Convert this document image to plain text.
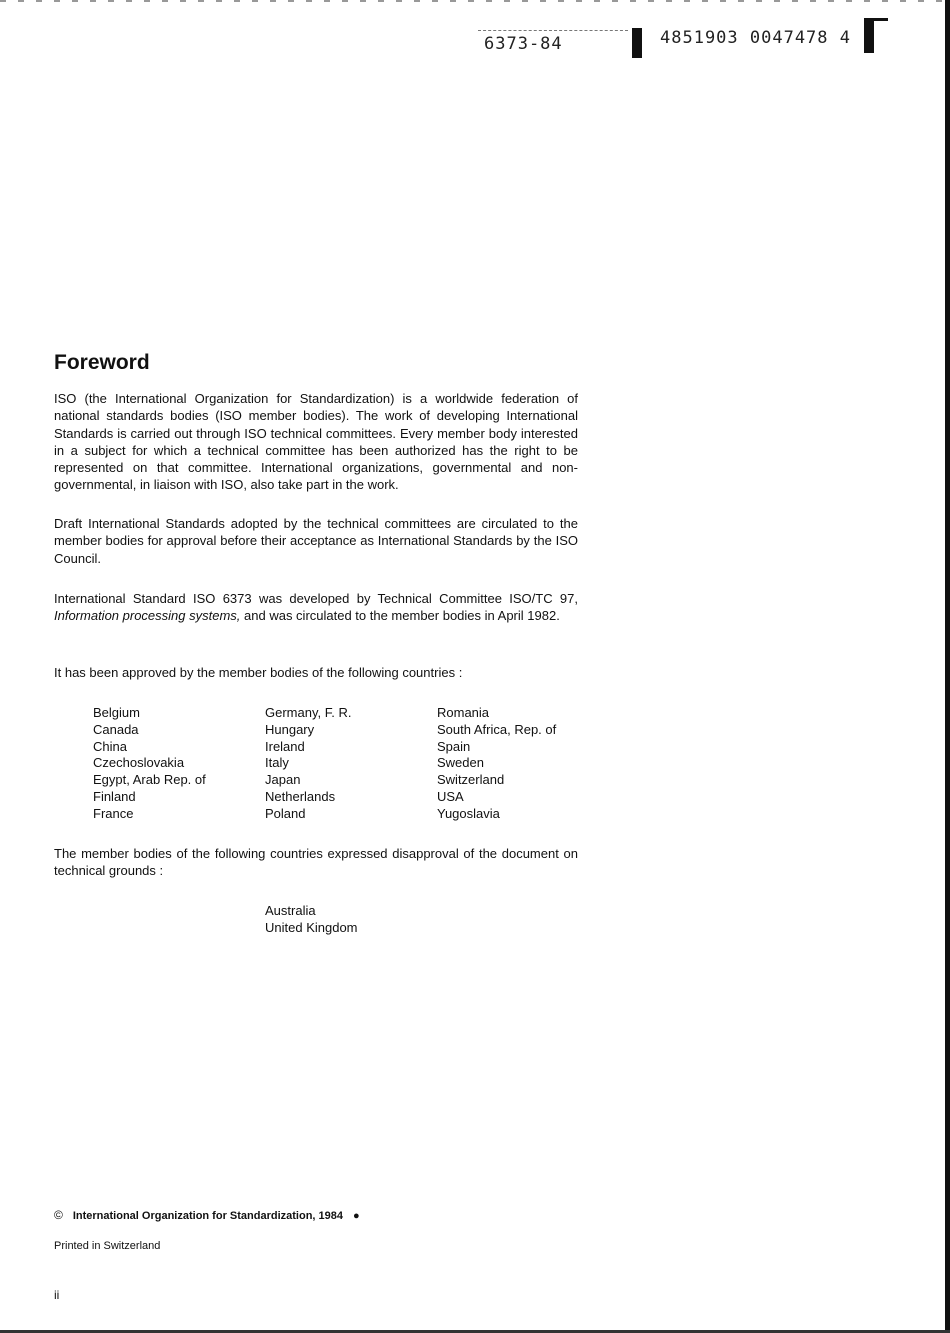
6373-84	4851903 0047478 4
Foreword

ISO (the International Organization for Standardization) is a worldwide federation of national standards bodies (ISO member bodies). The work of developing International Standards is carried out through ISO technical committees. Every member body interested in a subject for which a technical committee has been authorized has the right to be represented on that committee. International organizations, governmental and non-governmental, in liaison with ISO, also take part in the work.

Draft International Standards adopted by the technical committees are circulated to the member bodies for approval before their acceptance as International Standards by the ISO Council.

International Standard ISO 6373 was developed by Technical Committee ISO/TC 97, Information processing systems, and was circulated to the member bodies in April 1982.

It has been approved by the member bodies of the following countries :

Belgium
Canada
China
Czechoslovakia
Egypt, Arab Rep. of
Finland
France
Germany, F. R.
Hungary
Ireland
Italy
Japan
Netherlands
Poland
Romania
South Africa, Rep. of
Spain
Sweden
Switzerland
USA
Yugoslavia

The member bodies of the following countries expressed disapproval of the document on technical grounds :

Australia
United Kingdom
© International Organization for Standardization, 1984 ●
Printed in Switzerland
ii
